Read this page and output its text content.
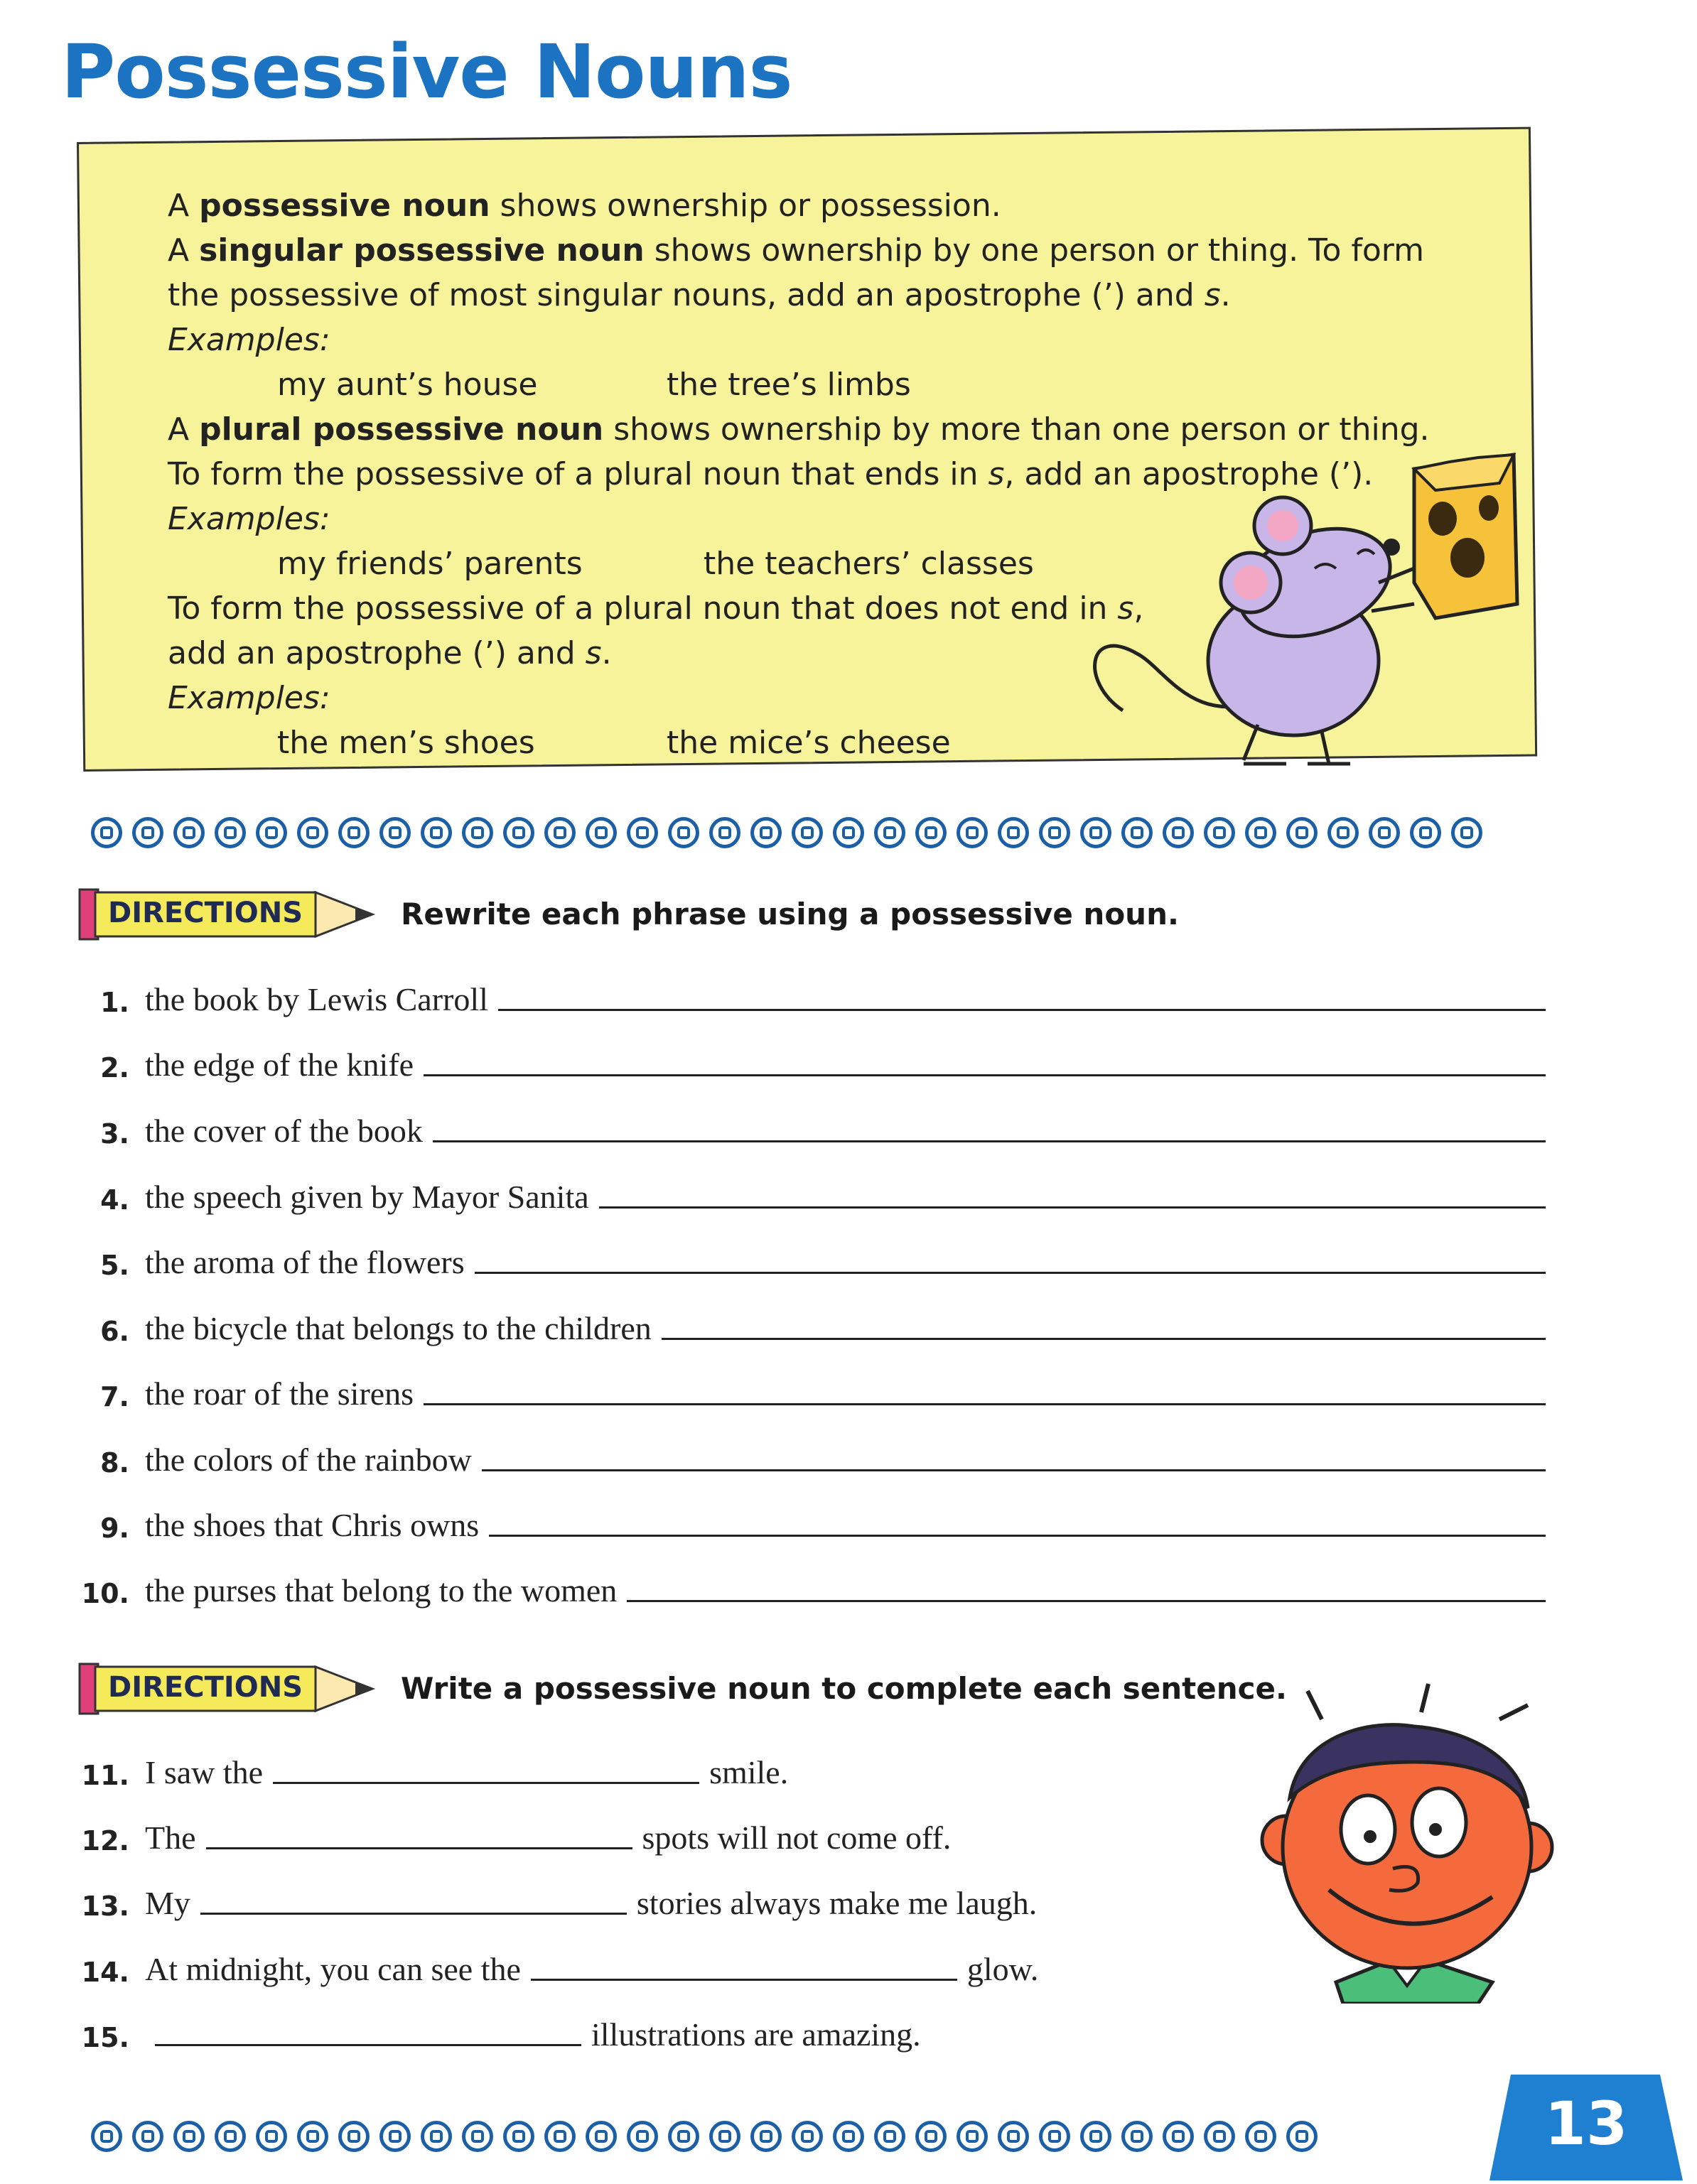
Possessive Nouns

A possessive noun shows ownership or possession.

A singular possessive noun shows ownership by one person or thing. To form the possessive of most singular nouns, add an apostrophe (’) and s.

Examples:

my aunt’s house	the tree’s limbs

A plural possessive noun shows ownership by more than one person or thing. To form the possessive of a plural noun that ends in s, add an apostrophe (’).

Examples:

my friends’ parents	the teachers’ classes

To form the possessive of a plural noun that does not end in s,

add an apostrophe (’) and s.

Examples:

the men’s shoes	the mice’s cheese

DIRECTIONS	Rewrite each phrase using a possessive noun.
1. the book by Lewis Carroll
2. the edge of the knife
3. the cover of the book
4. the speech given by Mayor Sanita
5. the aroma of the flowers
6. the bicycle that belongs to the children
7. the roar of the sirens
8. the colors of the rainbow
9. the shoes that Chris owns
10. the purses that belong to the women
DIRECTIONS	Write a possessive noun to complete each sentence.
11. I saw the	smile.
12. The	spots will not come off.
13. My	stories always make me laugh.
14. At midnight, you can see the	glow.
15.	illustrations are amazing.
13
